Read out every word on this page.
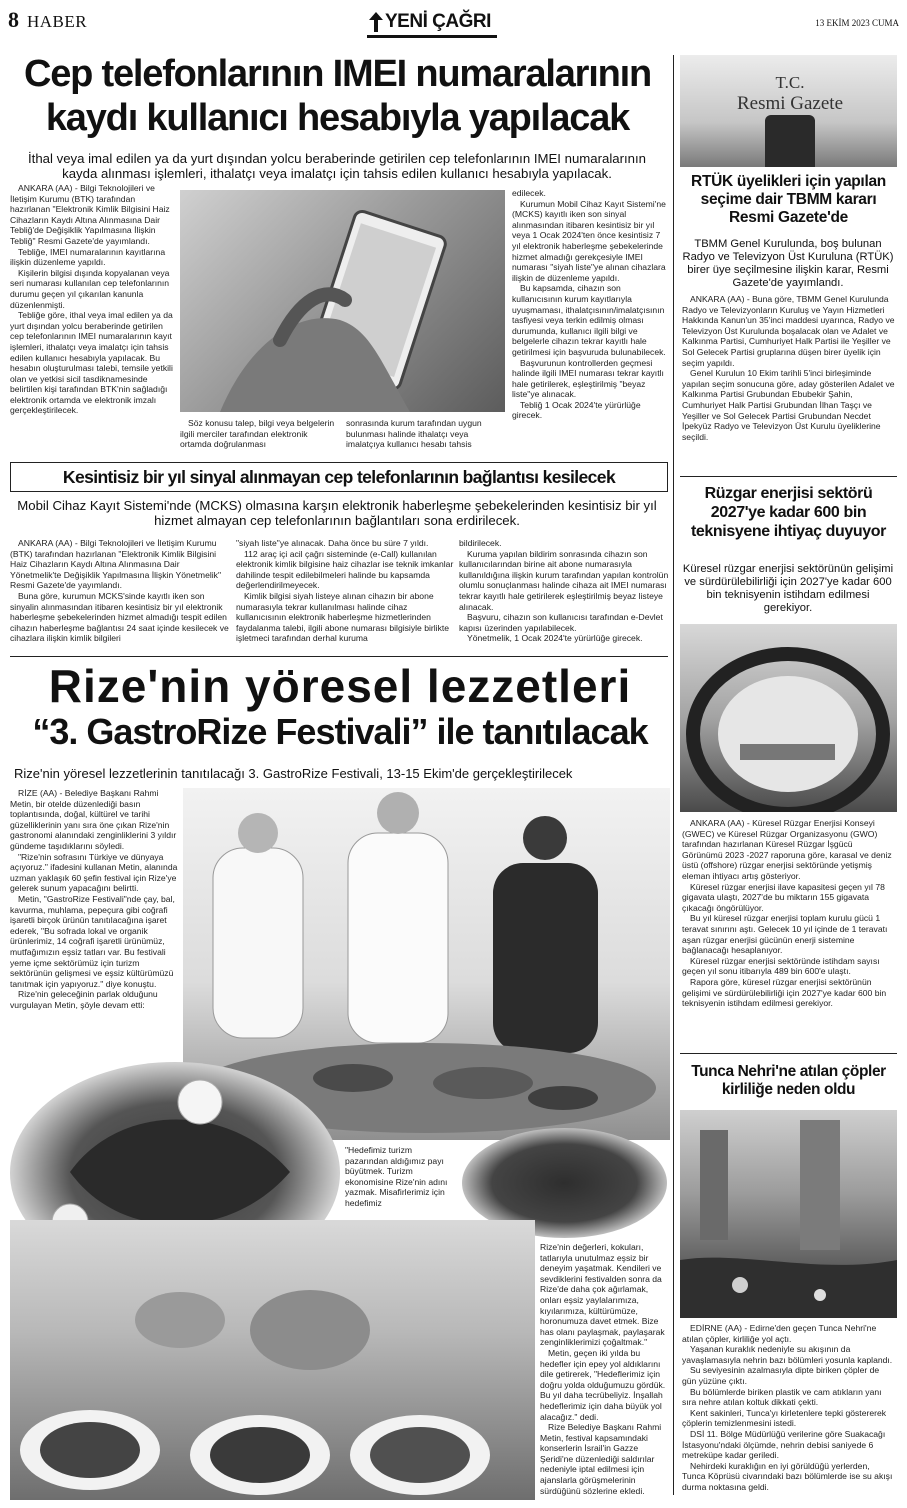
8 HABER	YENİ ÇAĞRI	13 EKİM 2023 CUMA
Cep telefonlarının IMEI numaralarının
kaydı kullanıcı hesabıyla yapılacak
İthal veya imal edilen ya da yurt dışından yolcu beraberinde getirilen cep telefonlarının IMEI numaralarının kayda alınması işlemleri, ithalatçı veya imalatçı için tahsis edilen kullanıcı hesabıyla yapılacak.

ANKARA (AA) - Bilgi Teknolojileri ve İletişim Kurumu (BTK) tarafından hazırlanan "Elektronik Kimlik Bilgisini Haiz Cihazların Kaydı Altına Alınmasına Dair Tebliğ'de Değişiklik Yapılmasına İlişkin Tebliğ" Resmi Gazete'de yayımlandı.

Tebliğe, IMEI numaralarının kayıtlarına ilişkin düzenleme yapıldı.

Kişilerin bilgisi dışında kopyalanan veya seri numarası kullanılan cep telefonlarının durumu geçen yıl çıkarılan kanunla düzenlenmişti.

Tebliğe göre, ithal veya imal edilen ya da yurt dışından yolcu beraberinde getirilen cep telefonlarının IMEI numaralarının kayıt işlemleri, ithalatçı veya imalatçı için tahsis edilen kullanıcı hesabıyla yapılacak. Bu hesabın oluşturulması talebi, temsile yetkili olan ve yetkisi sicil tasdiknamesinde belirtilen kişi tarafından BTK'nin sağladığı elektronik ortamda ve elektronik imzalı gerçekleştirilecek.

Söz konusu talep, bilgi veya belgelerin ilgili merciler tarafından elektronik ortamda doğrulanması
sonrasında kurum tarafından uygun bulunması halinde ithalatçı veya imalatçıya kullanıcı hesabı tahsis

edilecek.

Kurumun Mobil Cihaz Kayıt Sistemi'ne (MCKS) kayıtlı iken son sinyal alınmasından itibaren kesintisiz bir yıl veya 1 Ocak 2024'ten önce kesintisiz 7 yıl elektronik haberleşme şebekelerinde hizmet almadığı gerekçesiyle IMEI numarası "siyah liste"ye alınan cihazlara ilişkin de düzenleme yapıldı.

Bu kapsamda, cihazın son kullanıcısının kurum kayıtlarıyla uyuşmaması, ithalatçısının/imalatçısının tasfiyesi veya terkin edilmiş olması durumunda, kullanıcı ilgili bilgi ve belgelerle cihazın tekrar kayıtlı hale getirilmesi için başvuruda bulunabilecek.

Başvurunun kontrollerden geçmesi halinde ilgili IMEI numarası tekrar kayıtlı hale getirilerek, eşleştirilmiş "beyaz liste"ye alınacak.

Tebliğ 1 Ocak 2024'te yürürlüğe girecek.

Kesintisiz bir yıl sinyal alınmayan cep telefonlarının bağlantısı kesilecek
Mobil Cihaz Kayıt Sistemi'nde (MCKS) olmasına karşın elektronik haberleşme şebekelerinden kesintisiz bir yıl hizmet almayan cep telefonlarının bağlantıları sona erdirilecek.

ANKARA (AA) - Bilgi Teknolojileri ve İletişim Kurumu (BTK) tarafından hazırlanan "Elektronik Kimlik Bilgisini Haiz Cihazların Kaydı Altına Alınmasına Dair Yönetmelik'te Değişiklik Yapılmasına İlişkin Yönetmelik" Resmi Gazete'de yayımlandı.

Buna göre, kurumun MCKS'sinde kayıtlı iken son sinyalin alınmasından itibaren kesintisiz bir yıl elektronik haberleşme şebekelerinden hizmet almadığı tespit edilen cihazın haberleşme bağlantısı 24 saat içinde kesilecek ve cihazlara ilişkin kimlik bilgileri

"siyah liste"ye alınacak. Daha önce bu süre 7 yıldı.

112 araç içi acil çağrı sisteminde (e-Call) kullanılan elektronik kimlik bilgisine haiz cihazlar ise teknik imkanlar dahilinde tespit edilebilmeleri halinde bu kapsamda değerlendirilmeyecek.

Kimlik bilgisi siyah listeye alınan cihazın bir abone numarasıyla tekrar kullanılması halinde cihaz kullanıcısının elektronik haberleşme hizmetlerinden faydalanma talebi, ilgili abone numarası bilgisiyle birlikte işletmeci tarafından derhal kuruma

bildirilecek.

Kuruma yapılan bildirim sonrasında cihazın son kullanıcılarından birine ait abone numarasıyla kullanıldığına ilişkin kurum tarafından yapılan kontrolün olumlu sonuçlanması halinde cihaza ait IMEI numarası tekrar kayıtlı hale getirilerek eşleştirilmiş beyaz listeye alınacak.

Başvuru, cihazın son kullanıcısı tarafından e-Devlet kapısı üzerinden yapılabilecek.

Yönetmelik, 1 Ocak 2024'te yürürlüğe girecek.

Rize'nin yöresel lezzetleri
“3. GastroRize Festivali” ile tanıtılacak
Rize'nin yöresel lezzetlerinin tanıtılacağı 3. GastroRize Festivali, 13-15 Ekim'de gerçekleştirilecek

RİZE (AA) - Belediye Başkanı Rahmi Metin, bir otelde düzenlediği basın toplantısında, doğal, kültürel ve tarihi güzelliklerinin yanı sıra öne çıkan Rize'nin gastronomi alanındaki zenginliklerini 3 yıldır gündeme taşıdıklarını söyledi.

"Rize'nin sofrasını Türkiye ve dünyaya açıyoruz." ifadesini kullanan Metin, alanında uzman yaklaşık 60 şefin festival için Rize'ye gelerek sunum yapacağını belirtti.

Metin, "GastroRize Festivali"nde çay, bal, kavurma, muhlama, pepeçura gibi coğrafi işaretli birçok ürünün tanıtılacağına işaret ederek, "Bu sofrada lokal ve organik ürünlerimiz, 14 coğrafi işaretli ürünümüz, mutfağımızın eşsiz tatları var. Bu festivali yeme içme sektörümüz için turizm sektörünün gelişmesi ve eşsiz kültürümüzü tanıtmak için yapıyoruz." diye konuştu.

Rize'nin geleceğinin parlak olduğunu vurgulayan Metin, şöyle devam etti:

"Hedefimiz turizm pazarından aldığımız payı büyütmek. Turizm ekonomisine Rize'nin adını yazmak. Misafirlerimiz için hedefimiz

Rize'nin değerleri, kokuları, tatlarıyla unutulmaz eşsiz bir deneyim yaşatmak. Kendileri ve sevdiklerini festivalden sonra da Rize'de daha çok ağırlamak, onları eşsiz yaylalarımıza, kıyılarımıza, kültürümüze, horonumuza davet etmek. Bize has olanı paylaşmak, paylaşarak zenginliklerimizi çoğaltmak."

Metin, geçen iki yılda bu hedefler için epey yol aldıklarını dile getirerek, "Hedeflerimiz için doğru yolda olduğumuzu gördük. Bu yıl daha tecrübeliyiz. İnşallah hedeflerimiz için daha büyük yol alacağız." dedi.

Rize Belediye Başkanı Rahmi Metin, festival kapsamındaki konserlerin İsrail'in Gazze Şeridi'ne düzenlediği saldırılar nedeniyle iptal edilmesi için ajanslarla görüşmelerinin sürdüğünü sözlerine ekledi.

T.C.
Resmi Gazete
RTÜK üyelikleri için yapılan seçime dair TBMM kararı Resmi Gazete'de
TBMM Genel Kurulunda, boş bulunan Radyo ve Televizyon Üst Kuruluna (RTÜK) birer üye seçilmesine ilişkin karar, Resmi Gazete'de yayımlandı.

ANKARA (AA) - Buna göre, TBMM Genel Kurulunda Radyo ve Televizyonların Kuruluş ve Yayın Hizmetleri Hakkında Kanun'un 35'inci maddesi uyarınca, Radyo ve Televizyon Üst Kurulunda boşalacak olan ve Adalet ve Kalkınma Partisi, Cumhuriyet Halk Partisi ile Yeşiller ve Sol Gelecek Partisi gruplarına düşen birer üyelik için seçim yapıldı.

Genel Kurulun 10 Ekim tarihli 5'inci birleşiminde yapılan seçim sonucuna göre, aday gösterilen Adalet ve Kalkınma Partisi Grubundan Ebubekir Şahin, Cumhuriyet Halk Partisi Grubundan İlhan Taşçı ve Yeşiller ve Sol Gelecek Partisi Grubundan Necdet İpekyüz Radyo ve Televizyon Üst Kurulu üyeliklerine seçildi.

Rüzgar enerjisi sektörü 2027'ye kadar 600 bin teknisyene ihtiyaç duyuyor
Küresel rüzgar enerjisi sektörünün gelişimi ve sürdürülebilirliği için 2027'ye kadar 600 bin teknisyenin istihdam edilmesi gerekiyor.

ANKARA (AA) - Küresel Rüzgar Enerjisi Konseyi (GWEC) ve Küresel Rüzgar Organizasyonu (GWO) tarafından hazırlanan Küresel Rüzgar İşgücü Görünümü 2023 -2027 raporuna göre, karasal ve deniz üstü (offshore) rüzgar enerjisi sektöründe yetişmiş eleman ihtiyacı artış gösteriyor.

Küresel rüzgar enerjisi ilave kapasitesi geçen yıl 78 gigavata ulaştı, 2027'de bu miktarın 155 gigavata çıkacağı öngörülüyor.

Bu yıl küresel rüzgar enerjisi toplam kurulu gücü 1 teravat sınırını aştı. Gelecek 10 yıl içinde de 1 teravatı aşan rüzgar enerjisi gücünün enerji sistemine bağlanacağı hesaplanıyor.

Küresel rüzgar enerjisi sektöründe istihdam sayısı geçen yıl sonu itibarıyla 489 bin 600'e ulaştı.

Rapora göre, küresel rüzgar enerjisi sektörünün gelişimi ve sürdürülebilirliği için 2027'ye kadar 600 bin teknisyenin istihdam edilmesi gerekiyor.

Tunca Nehri'ne atılan çöpler kirliliğe neden oldu

EDİRNE (AA) - Edirne'den geçen Tunca Nehri'ne atılan çöpler, kirliliğe yol açtı.

Yaşanan kuraklık nedeniyle su akışının da yavaşlamasıyla nehrin bazı bölümleri yosunla kaplandı.

Su seviyesinin azalmasıyla dipte biriken çöpler de gün yüzüne çıktı.

Bu bölümlerde biriken plastik ve cam atıkların yanı sıra nehre atılan koltuk dikkati çekti.

Kent sakinleri, Tunca'yı kirletenlere tepki göstererek çöplerin temizlenmesini istedi.

DSİ 11. Bölge Müdürlüğü verilerine göre Suakacağı İstasyonu'ndaki ölçümde, nehrin debisi saniyede 6 metreküpe kadar geriledi.

Nehirdeki kuraklığın en iyi görüldüğü yerlerden, Tunca Köprüsü civarındaki bazı bölümlerde ise su akışı durma noktasına geldi.
